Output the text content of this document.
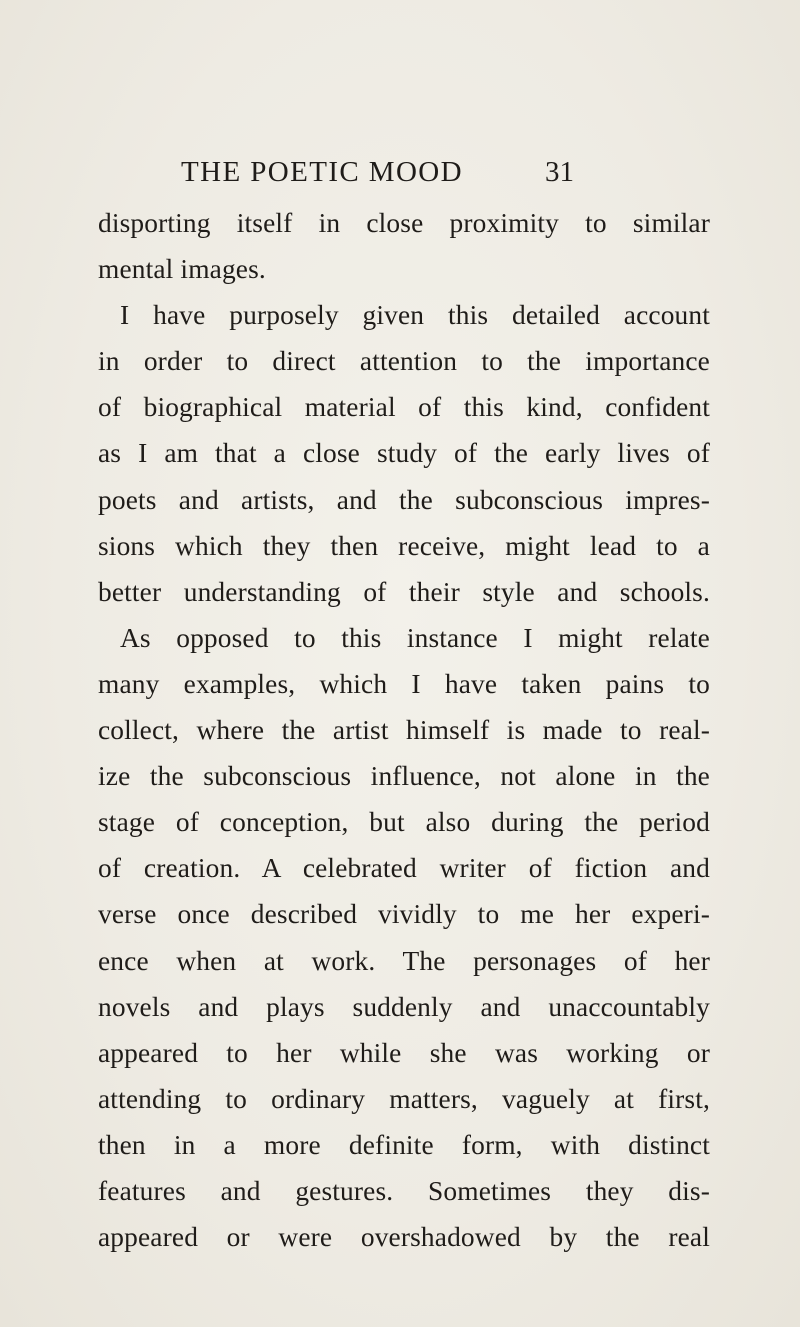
THE POETIC MOOD	31
disporting itself in close proximity to similar
mental images.
I have purposely given this detailed account
in order to direct attention to the importance
of biographical material of this kind, confident
as I am that a close study of the early lives of
poets and artists, and the subconscious impres-
sions which they then receive, might lead to a
better understanding of their style and schools.
As opposed to this instance I might relate
many examples, which I have taken pains to
collect, where the artist himself is made to real-
ize the subconscious influence, not alone in the
stage of conception, but also during the period
of creation. A celebrated writer of fiction and
verse once described vividly to me her experi-
ence when at work. The personages of her
novels and plays suddenly and unaccountably
appeared to her while she was working or
attending to ordinary matters, vaguely at first,
then in a more definite form, with distinct
features and gestures. Sometimes they dis-
appeared or were overshadowed by the real
